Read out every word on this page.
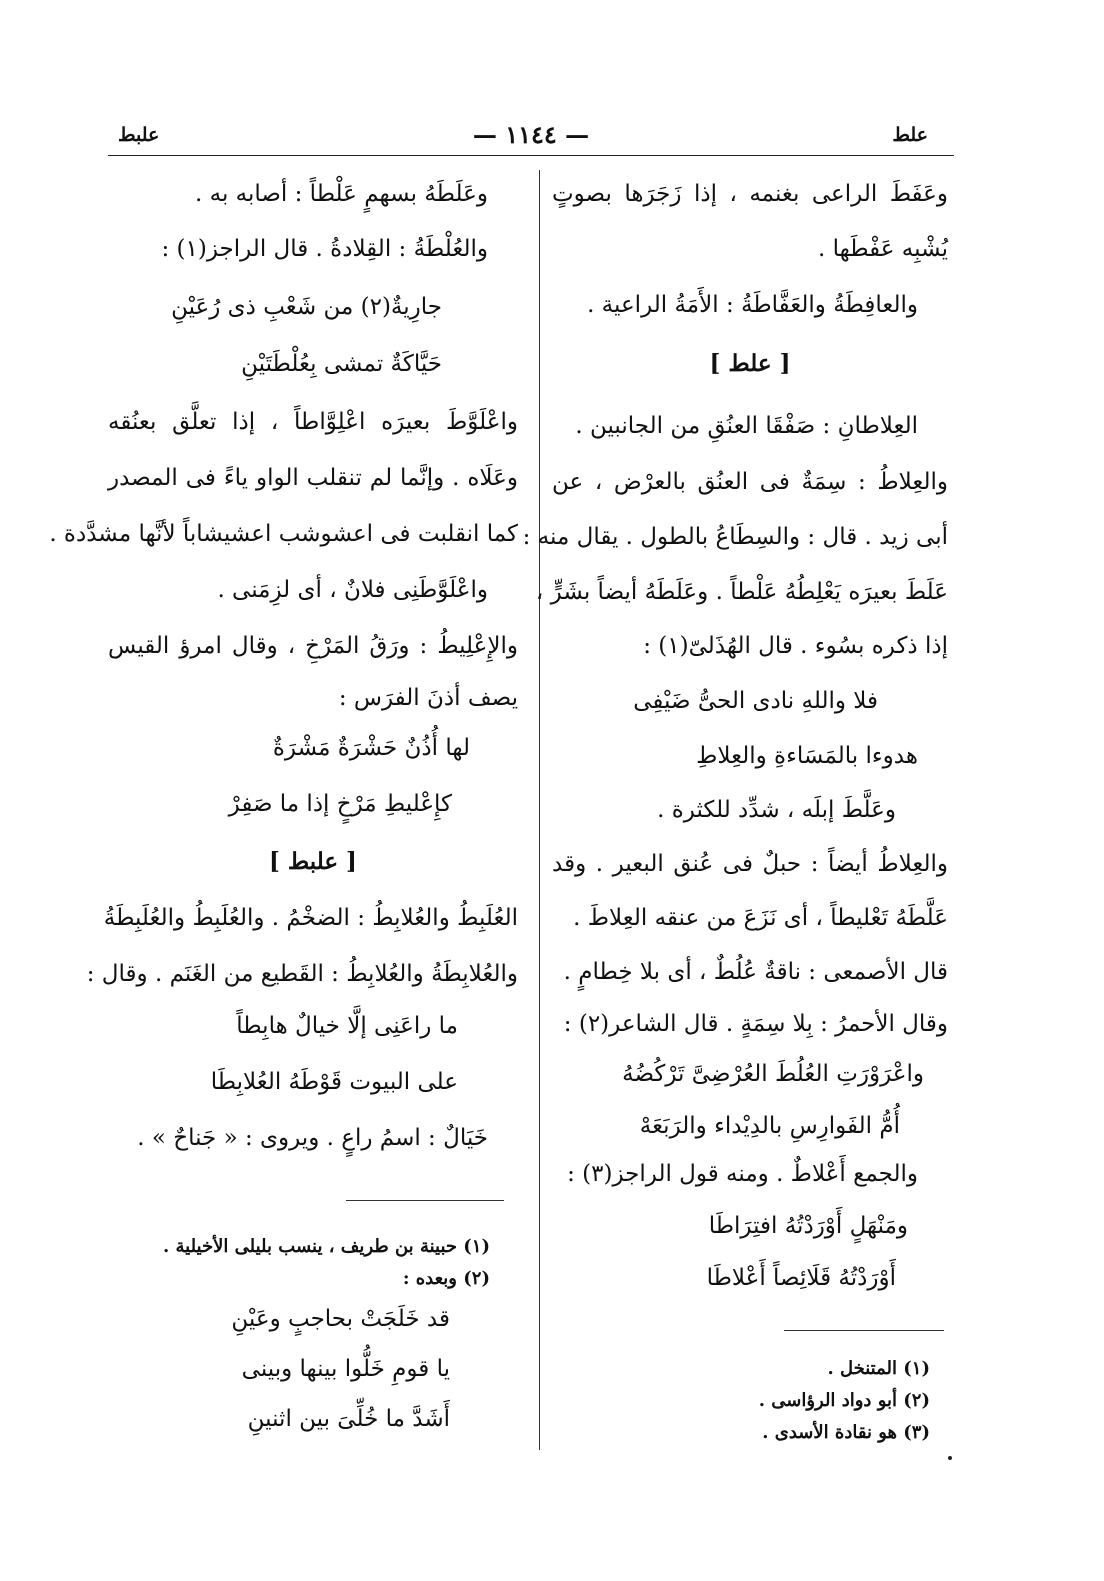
علط
— ١١٤٤ —
علبط
وعَفَطَ الراعى بغنمه ، إذا زَجَرَها بصوتٍ
يُشْبِه عَفْطَها .
والعافِطَةُ والعَفَّاطَةُ : الأَمَةُ الراعية .
[ علط ]
العِلاطانِ : صَفْقَا العنُقِ من الجانبين .
والعِلاطُ : سِمَةٌ فى العنُق بالعرْض ، عن
أبى زيد . قال : والسِطَاعُ بالطول . يقال منه :
عَلَطَ بعيرَه يَعْلِطُهُ عَلْطاً . وعَلَطَهُ أيضاً بشَرٍّ ،
إذا ذكره بسُوء . قال الهُذَلىّ(١) :
فلا واللهِ نادى الحىُّ ضَيْفِى
هدوءا بالمَسَاءةِ والعِلاطِ
وعَلَّطَ إبلَه ، شدِّد للكثرة .
والعِلاطُ أيضاً : حبلٌ فى عُنق البعير . وقد
عَلَّطَهُ تَعْليطاً ، أى نَزَعَ من عنقه العِلاطَ .
قال الأصمعى : ناقةٌ عُلُطٌ ، أى بلا خِطامٍ .
وقال الأحمرُ : بِلا سِمَةٍ . قال الشاعر(٢) :
واعْرَوْرَتِ العُلُطَ العُرْضِىَّ تَرْكُضُهُ
أُمُّ الفَوارِسِ بالدِيْداء والرَبَعَهْ
والجمع أَعْلاطٌ . ومنه قول الراجز(٣) :
ومَنْهَلٍ أَوْرَدْتُهُ افتِرَاطَا
أَوْرَدْتُهُ قَلَائِصاً أَعْلاطَا
(١) المتنخل .
(٢) أبو دواد الرؤاسى .
(٣) هو نقادة الأسدى .
وعَلَطَهُ بسهمٍ عَلْطاً : أصابه به .
والعُلْطَةُ : القِلادةُ . قال الراجز(١) :
جارِيةٌ(٢) من شَعْبِ ذى رُعَيْنِ
حَيَّاكَةٌ تمشى بِعُلْطَتَيْنِ
واعْلَوَّطَ بعيرَه اعْلِوَّاطاً ، إذا تعلَّق بعنُقه
وعَلَاه . وإنَّما لم تنقلب الواو ياءً فى المصدر
كما انقلبت فى اعشوشب اعشيشاباً لأنَّها مشدَّدة .
واعْلَوَّطَنِى فلانٌ ، أى لزِمَنى .
والإِعْلِيطُ : ورَقُ المَرْخِ ، وقال امرؤ القيس
يصف أذنَ الفرَس :
لها أُذُنٌ حَشْرَةٌ مَشْرَةٌ
كإِعْليطِ مَرْخٍ إذا ما صَفِرْ
[ علبط ]
العُلَبِطُ والعُلابِطُ : الضخْمُ . والعُلَبِطُ والعُلَبِطَةُ
والعُلابِطَةُ والعُلابِطُ : القَطيع من الغَنَم . وقال :
ما راعَنِى إلَّا خيالٌ هابِطاً
على البيوت قَوْطَهُ العُلابِطَا
خَيَالٌ : اسمُ راعٍ . ويروى : « جَناحٌ » .
(١) حبينة بن طريف ، ينسب بليلى الأخيلية .
(٢) وبعده :
قد خَلَجَتْ بحاجبٍ وعَيْنِ
يا قومِ خَلُّوا بينها وبينى
أَشَدَّ ما خُلِّىَ بين اثنينِ
